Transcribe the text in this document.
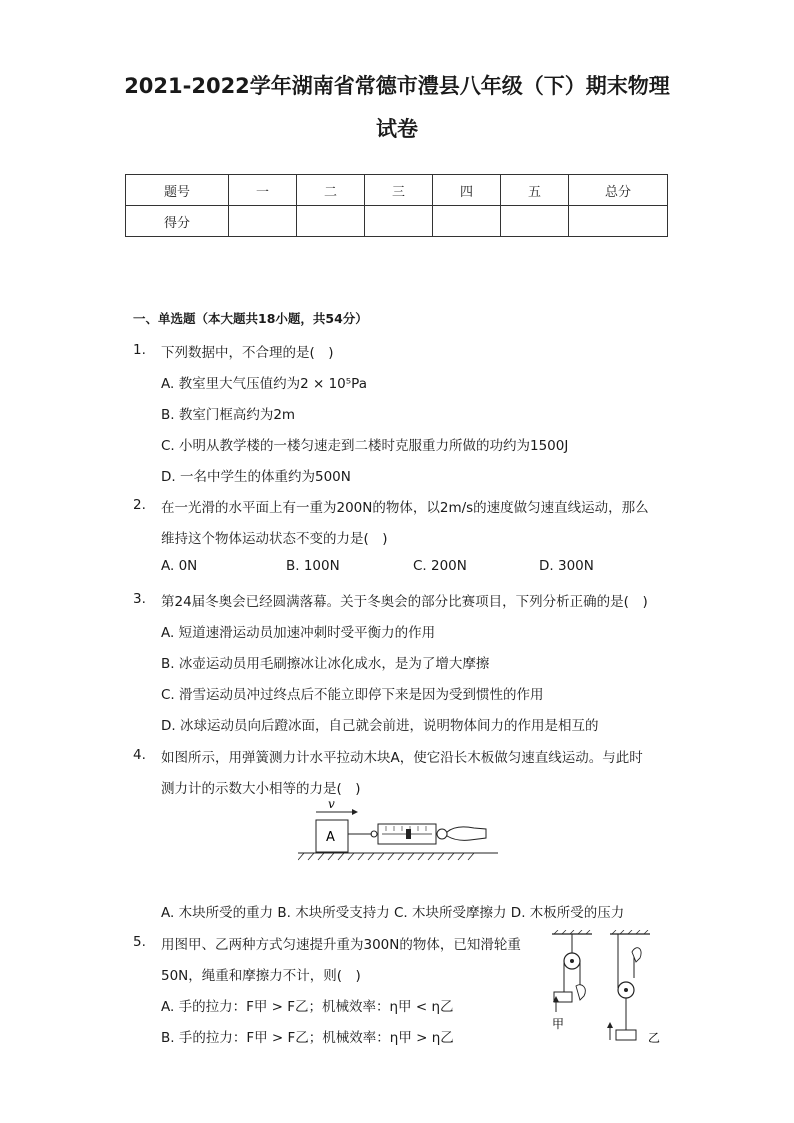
2021-2022学年湖南省常德市澧县八年级（下）期末物理
试卷
题号	一	二	三	四	五	总分
得分						
一、单选题（本大题共18小题，共54分）
1. 下列数据中，不合理的是(　)
A. 教室里大气压值约为2 × 10⁵Pa
B. 教室门框高约为2m
C. 小明从教学楼的一楼匀速走到二楼时克服重力所做的功约为1500J
D. 一名中学生的体重约为500N
2. 在一光滑的水平面上有一重为200N的物体，以2m/s的速度做匀速直线运动，那么
维持这个物体运动状态不变的力是(　)
A. 0N	B. 100N	C. 200N	D. 300N
3. 第24届冬奥会已经圆满落幕。关于冬奥会的部分比赛项目，下列分析正确的是(　)
A. 短道速滑运动员加速冲刺时受平衡力的作用
B. 冰壶运动员用毛刷擦冰让冰化成水，是为了增大摩擦
C. 滑雪运动员冲过终点后不能立即停下来是因为受到惯性的作用
D. 冰球运动员向后蹬冰面，自己就会前进，说明物体间力的作用是相互的
4. 如图所示，用弹簧测力计水平拉动木块A，使它沿长木板做匀速直线运动。与此时
测力计的示数大小相等的力是(　)
v
A
A. 木块所受的重力 B. 木块所受支持力 C. 木块所受摩擦力 D. 木板所受的压力
5. 用图甲、乙两种方式匀速提升重为300N的物体，已知滑轮重
50N，绳重和摩擦力不计，则(　)
A. 手的拉力：F甲 > F乙；机械效率：η甲 < η乙
B. 手的拉力：F甲 > F乙；机械效率：η甲 > η乙
甲
乙
